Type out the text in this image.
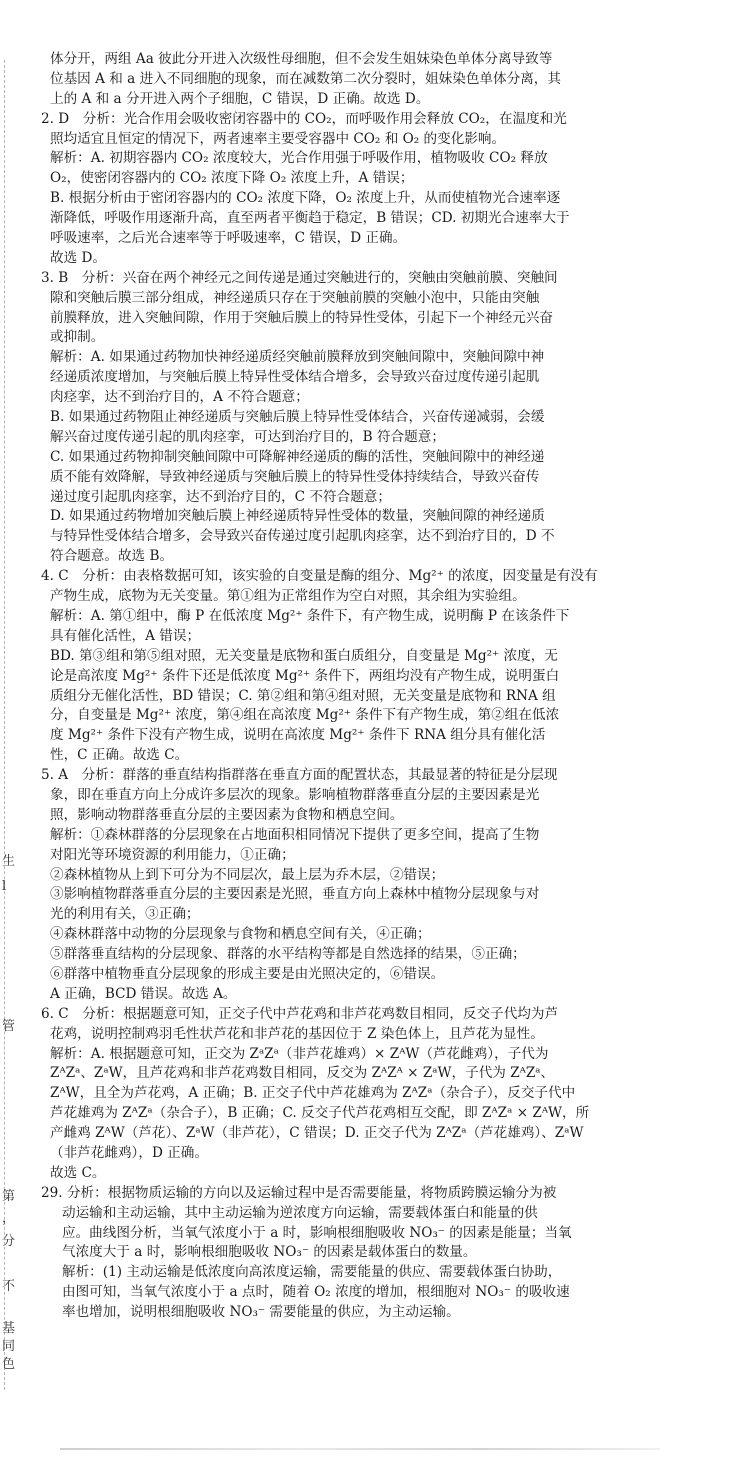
生
l
管
第
，
分
不
基
同
色
体分开，两组 Aa 彼此分开进入次级性母细胞，但不会发生姐妹染色单体分离导致等
位基因 A 和 a 进入不同细胞的现象，而在减数第二次分裂时，姐妹染色单体分离，其
上的 A 和 a 分开进入两个子细胞，C 错误，D 正确。故选 D。
2. D　分析：光合作用会吸收密闭容器中的 CO₂，而呼吸作用会释放 CO₂，在温度和光
照均适宜且恒定的情况下，两者速率主要受容器中 CO₂ 和 O₂ 的变化影响。
解析：A. 初期容器内 CO₂ 浓度较大，光合作用强于呼吸作用，植物吸收 CO₂ 释放
O₂，使密闭容器内的 CO₂ 浓度下降 O₂ 浓度上升，A 错误；
B. 根据分析由于密闭容器内的 CO₂ 浓度下降，O₂ 浓度上升，从而使植物光合速率逐
渐降低，呼吸作用逐渐升高，直至两者平衡趋于稳定，B 错误；CD. 初期光合速率大于
呼吸速率，之后光合速率等于呼吸速率，C 错误，D 正确。
故选 D。
3. B　分析：兴奋在两个神经元之间传递是通过突触进行的，突触由突触前膜、突触间
隙和突触后膜三部分组成，神经递质只存在于突触前膜的突触小泡中，只能由突触
前膜释放，进入突触间隙，作用于突触后膜上的特异性受体，引起下一个神经元兴奋
或抑制。
解析：A. 如果通过药物加快神经递质经突触前膜释放到突触间隙中，突触间隙中神
经递质浓度增加，与突触后膜上特异性受体结合增多，会导致兴奋过度传递引起肌
肉痉挛，达不到治疗目的，A 不符合题意；
B. 如果通过药物阻止神经递质与突触后膜上特异性受体结合，兴奋传递减弱，会缓
解兴奋过度传递引起的肌肉痉挛，可达到治疗目的，B 符合题意；
C. 如果通过药物抑制突触间隙中可降解神经递质的酶的活性，突触间隙中的神经递
质不能有效降解，导致神经递质与突触后膜上的特异性受体持续结合，导致兴奋传
递过度引起肌肉痉挛，达不到治疗目的，C 不符合题意；
D. 如果通过药物增加突触后膜上神经递质特异性受体的数量，突触间隙的神经递质
与特异性受体结合增多，会导致兴奋传递过度引起肌肉痉挛，达不到治疗目的，D 不
符合题意。故选 B。
4. C　分析：由表格数据可知，该实验的自变量是酶的组分、Mg²⁺ 的浓度，因变量是有没有
产物生成，底物为无关变量。第①组为正常组作为空白对照，其余组为实验组。
解析：A. 第①组中，酶 P 在低浓度 Mg²⁺ 条件下，有产物生成，说明酶 P 在该条件下
具有催化活性，A 错误；
BD. 第③组和第⑤组对照，无关变量是底物和蛋白质组分，自变量是 Mg²⁺ 浓度，无
论是高浓度 Mg²⁺ 条件下还是低浓度 Mg²⁺ 条件下，两组均没有产物生成，说明蛋白
质组分无催化活性，BD 错误；C. 第②组和第④组对照，无关变量是底物和 RNA 组
分，自变量是 Mg²⁺ 浓度，第④组在高浓度 Mg²⁺ 条件下有产物生成，第②组在低浓
度 Mg²⁺ 条件下没有产物生成，说明在高浓度 Mg²⁺ 条件下 RNA 组分具有催化活
性，C 正确。故选 C。
5. A　分析：群落的垂直结构指群落在垂直方面的配置状态，其最显著的特征是分层现
象，即在垂直方向上分成许多层次的现象。影响植物群落垂直分层的主要因素是光
照，影响动物群落垂直分层的主要因素为食物和栖息空间。
解析：①森林群落的分层现象在占地面积相同情况下提供了更多空间，提高了生物
对阳光等环境资源的利用能力，①正确；
②森林植物从上到下可分为不同层次，最上层为乔木层，②错误；
③影响植物群落垂直分层的主要因素是光照，垂直方向上森林中植物分层现象与对
光的利用有关，③正确；
④森林群落中动物的分层现象与食物和栖息空间有关，④正确；
⑤群落垂直结构的分层现象、群落的水平结构等都是自然选择的结果，⑤正确；
⑥群落中植物垂直分层现象的形成主要是由光照决定的，⑥错误。
A 正确，BCD 错误。故选 A。
6. C　分析：根据题意可知，正交子代中芦花鸡和非芦花鸡数目相同，反交子代均为芦
花鸡，说明控制鸡羽毛性状芦花和非芦花的基因位于 Z 染色体上，且芦花为显性。
解析：A. 根据题意可知，正交为 ZᵃZᵃ（非芦花雄鸡）× ZᴬW（芦花雌鸡），子代为
ZᴬZᵃ、ZᵃW，且芦花鸡和非芦花鸡数目相同，反交为 ZᴬZᴬ × ZᵃW，子代为 ZᴬZᵃ、
ZᴬW，且全为芦花鸡，A 正确；B. 正交子代中芦花雄鸡为 ZᴬZᵃ（杂合子），反交子代中
芦花雄鸡为 ZᴬZᵃ（杂合子），B 正确；C. 反交子代芦花鸡相互交配，即 ZᴬZᵃ × ZᴬW，所
产雌鸡 ZᴬW（芦花）、ZᵃW（非芦花），C 错误；D. 正交子代为 ZᴬZᵃ（芦花雄鸡）、ZᵃW
（非芦花雌鸡），D 正确。
故选 C。
29. 分析：根据物质运输的方向以及运输过程中是否需要能量，将物质跨膜运输分为被
动运输和主动运输，其中主动运输为逆浓度方向运输，需要载体蛋白和能量的供
应。曲线图分析，当氧气浓度小于 a 时，影响根细胞吸收 NO₃⁻ 的因素是能量；当氧
气浓度大于 a 时，影响根细胞吸收 NO₃⁻ 的因素是载体蛋白的数量。
解析：(1) 主动运输是低浓度向高浓度运输，需要能量的供应、需要载体蛋白协助，
由图可知，当氧气浓度小于 a 点时，随着 O₂ 浓度的增加，根细胞对 NO₃⁻ 的吸收速
率也增加，说明根细胞吸收 NO₃⁻ 需要能量的供应，为主动运输。
